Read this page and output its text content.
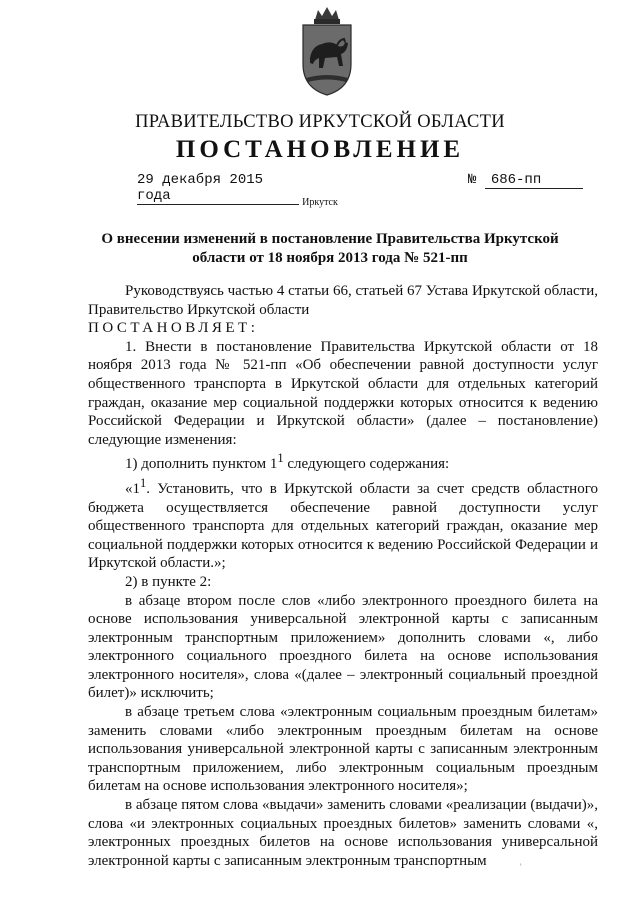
ПРАВИТЕЛЬСТВО ИРКУТСКОЙ ОБЛАСТИ
ПОСТАНОВЛЕНИЕ
29 декабря 2015 года
№ 686-пп
Иркутск
О внесении изменений в постановление Правительства Иркутской области от 18 ноября 2013 года № 521-пп

Руководствуясь частью 4 статьи 66, статьей 67 Устава Иркутской области, Правительство Иркутской области

ПОСТАНОВЛЯЕТ:

1. Внести в постановление Правительства Иркутской области от 18 ноября 2013 года № 521-пп «Об обеспечении равной доступности услуг общественного транспорта в Иркутской области для отдельных категорий граждан, оказание мер социальной поддержки которых относится к ведению Российской Федерации и Иркутской области» (далее – постановление) следующие изменения:

1) дополнить пунктом $1^1$ следующего содержания:

«$1^1$. Установить, что в Иркутской области за счет средств областного бюджета осуществляется обеспечение равной доступности услуг общественного транспорта для отдельных категорий граждан, оказание мер социальной поддержки которых относится к ведению Российской Федерации и Иркутской области.»;

2) в пункте 2:

в абзаце втором после слов «либо электронного проездного билета на основе использования универсальной электронной карты с записанным электронным транспортным приложением» дополнить словами «, либо электронного социального проездного билета на основе использования электронного носителя», слова «(далее – электронный социальный проездной билет)» исключить;

в абзаце третьем слова «электронным социальным проездным билетам» заменить словами «либо электронным проездным билетам на основе использования универсальной электронной карты с записанным электронным транспортным приложением, либо электронным социальным проездным билетам на основе использования электронного носителя»;

в абзаце пятом слова «выдачи» заменить словами «реализации (выдачи)», слова «и электронных социальных проездных билетов» заменить словами «, электронных проездных билетов на основе использования универсальной электронной карты с записанным электронным транспортным	˒
